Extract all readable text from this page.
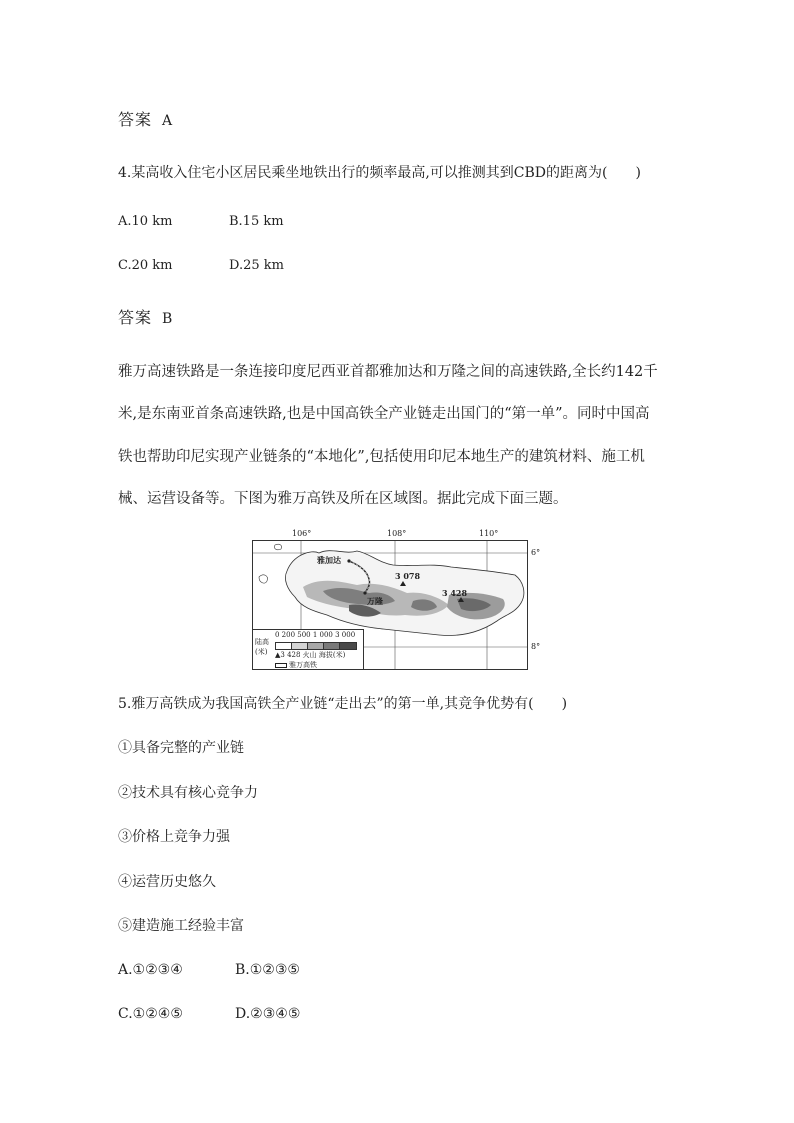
答案 A
4.某高收入住宅小区居民乘坐地铁出行的频率最高,可以推测其到CBD的距离为(　　)
A.10 km	B.15 km
C.20 km	D.25 km
答案 B
雅万高速铁路是一条连接印度尼西亚首都雅加达和万隆之间的高速铁路,全长约142千
米,是东南亚首条高速铁路,也是中国高铁全产业链走出国门的“第一单”。同时中国高
铁也帮助印尼实现产业链条的“本地化”,包括使用印尼本地生产的建筑材料、施工机
械、运营设备等。下图为雅万高铁及所在区域图。据此完成下面三题。
106°	108°	110°
6°
8°
雅加达
万隆
3 078
3 428
陆高
(米)
0 200 500 1 000 3 000
▲3 428 火山 海拔(米)
雅万高铁
5.雅万高铁成为我国高铁全产业链“走出去”的第一单,其竞争优势有(　　)
①具备完整的产业链
②技术具有核心竞争力
③价格上竞争力强
④运营历史悠久
⑤建造施工经验丰富
A.①②③④	B.①②③⑤
C.①②④⑤	D.②③④⑤
